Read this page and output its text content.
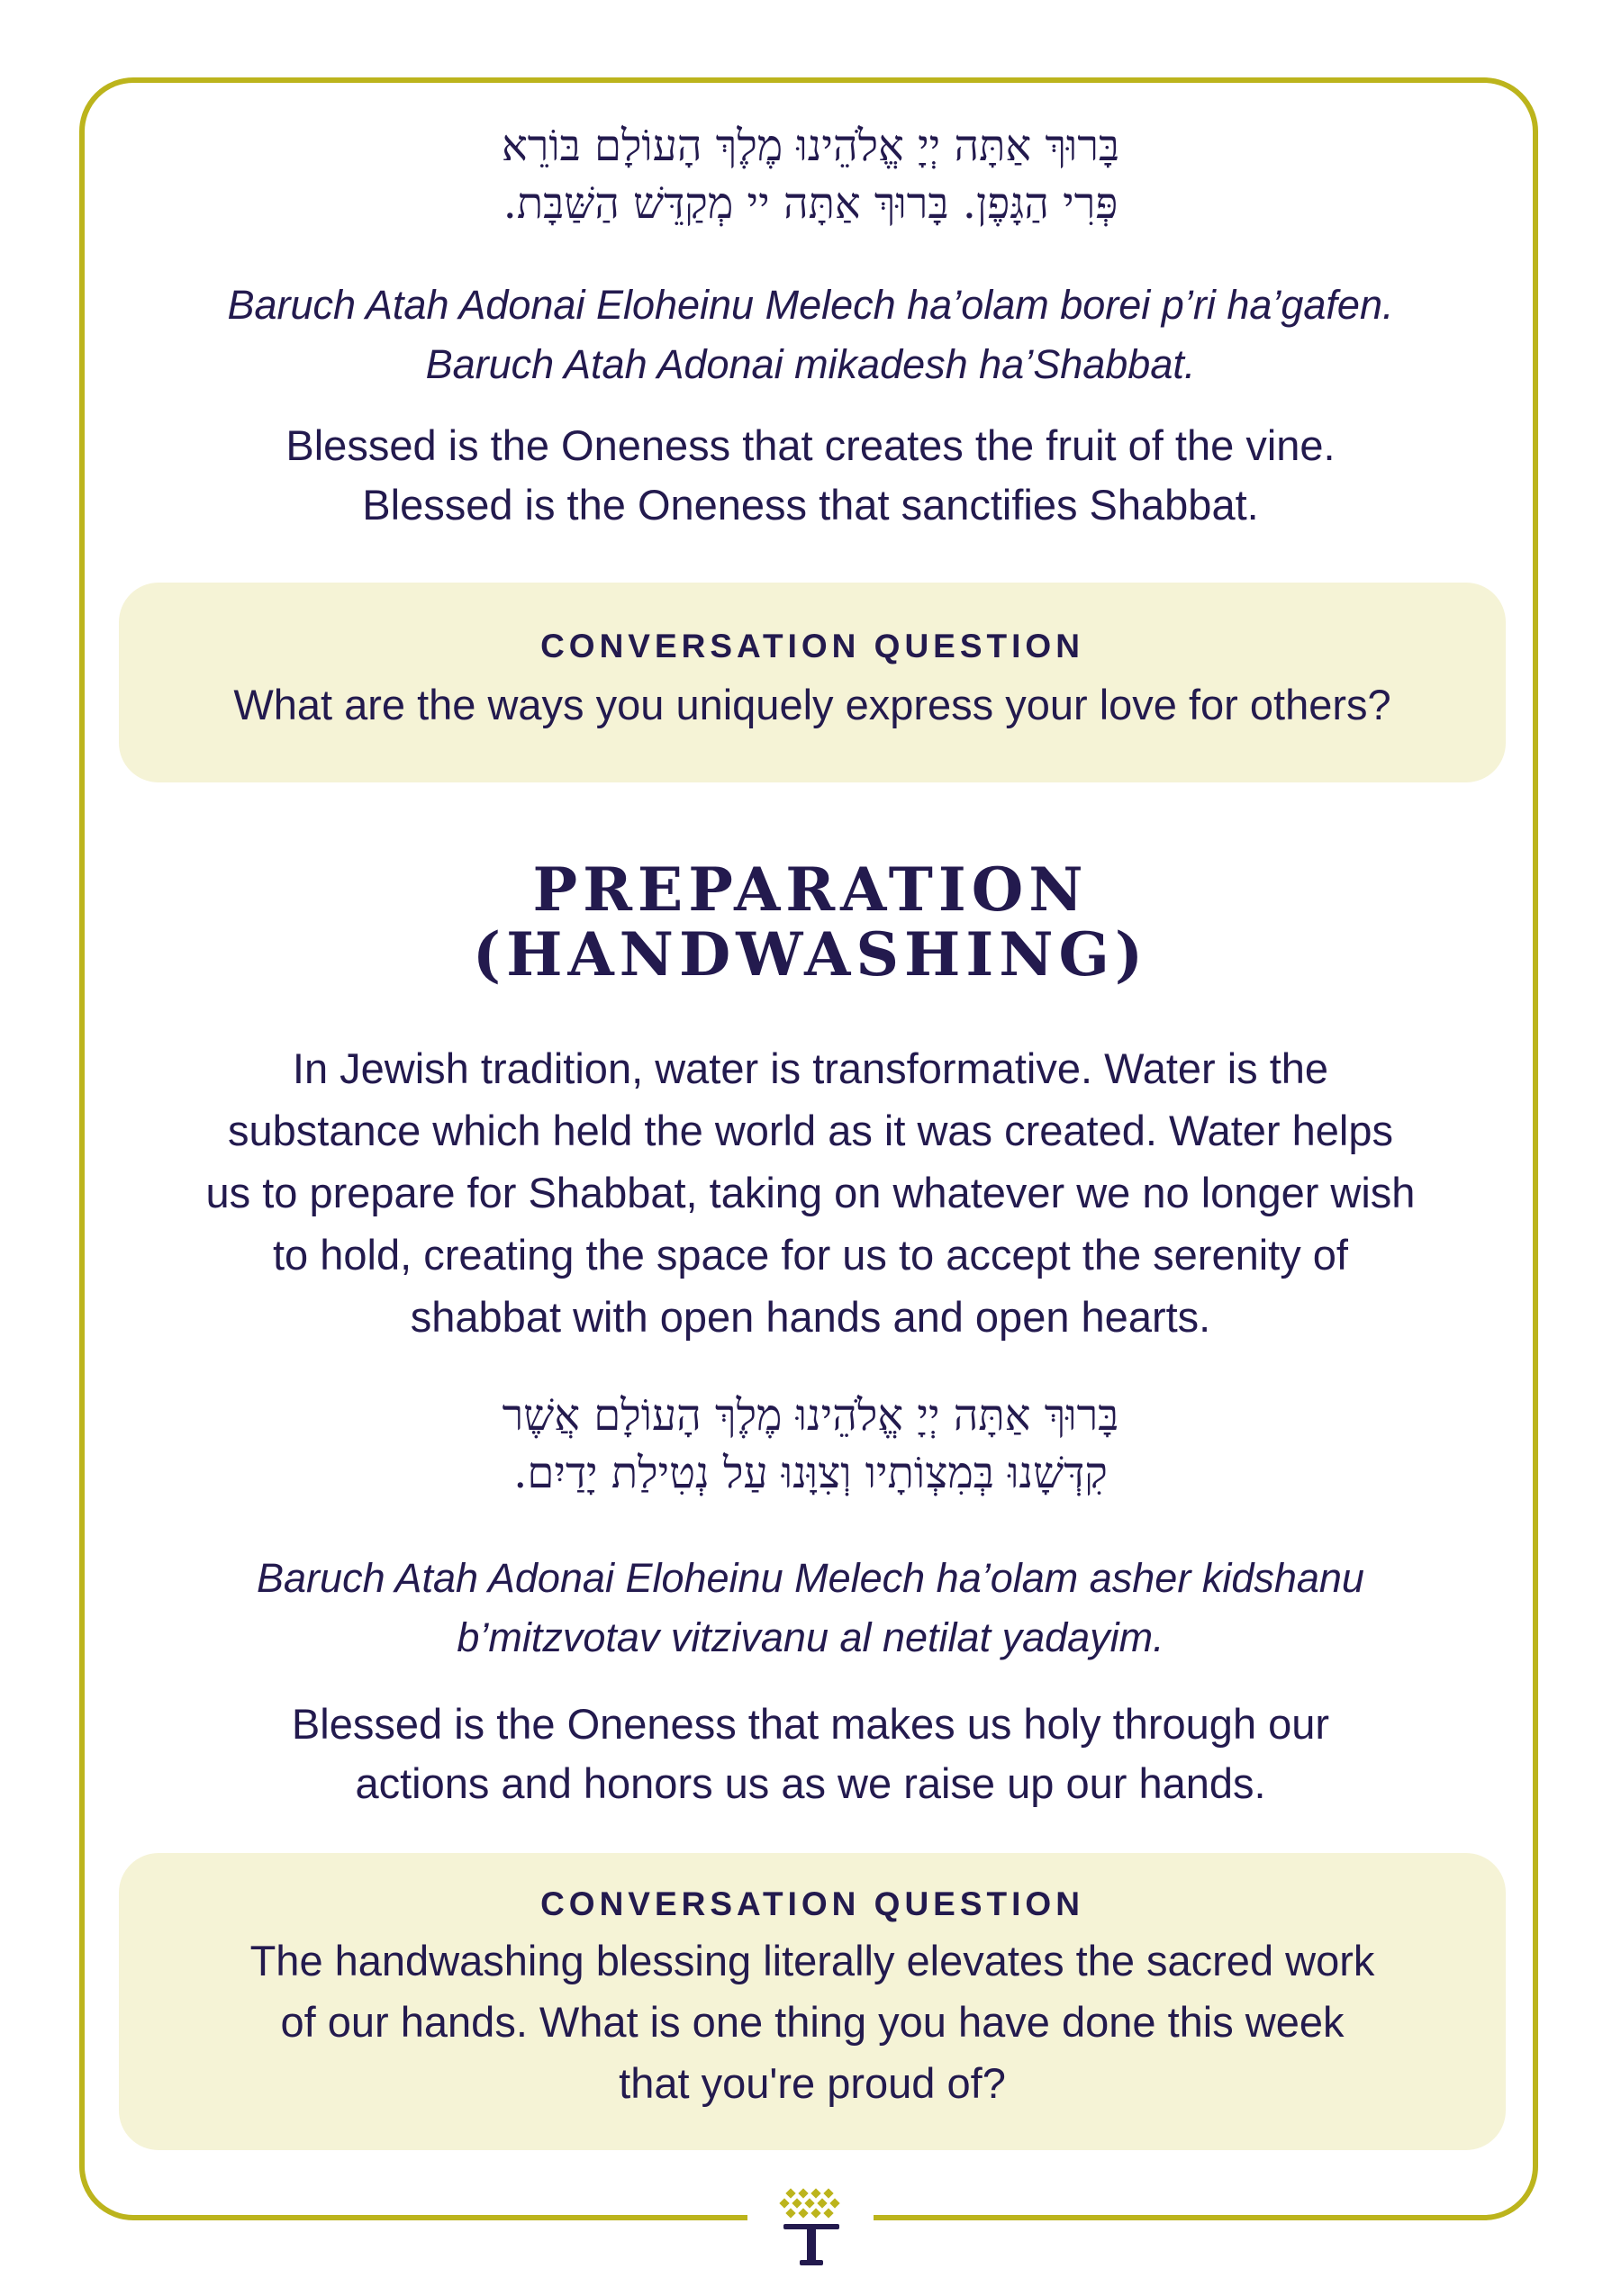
בָּרוּךְ אַתָּה יְיָ אֱלֹהֵינוּ מֶלֶךְ הָעוֹלָם בּוֹרֵא
פְּרִי הַגָּפֶן. בָּרוּךְ אַתָּה יי מְקַדֵּשׁ הַשַּׁבָּת.
Baruch Atah Adonai Eloheinu Melech ha’olam borei p’ri ha’gafen.
Baruch Atah Adonai mikadesh ha’Shabbat.
Blessed is the Oneness that creates the fruit of the vine.
Blessed is the Oneness that sanctifies Shabbat.
CONVERSATION QUESTION
What are the ways you uniquely express your love for others?
PREPARATION
(HANDWASHING)
In Jewish tradition, water is transformative. Water is the
substance which held the world as it was created. Water helps
us to prepare for Shabbat, taking on whatever we no longer wish
to hold, creating the space for us to accept the serenity of
shabbat with open hands and open hearts.
בָּרוּךְ אַתָּה יְיָ אֱלֹהֵינוּ מֶלֶךְ הָעוֹלָם אֲשֶׁר
קִדְּשָׁנוּ בְּמִצְוֹתָיו וְצִוָּנוּ עַל נְטִילַת יָדַיִם.
Baruch Atah Adonai Eloheinu Melech ha’olam asher kidshanu
b’mitzvotav vitzivanu al netilat yadayim.
Blessed is the Oneness that makes us holy through our
actions and honors us as we raise up our hands.
CONVERSATION QUESTION
The handwashing blessing literally elevates the sacred work
of our hands. What is one thing you have done this week
that you're proud of?
